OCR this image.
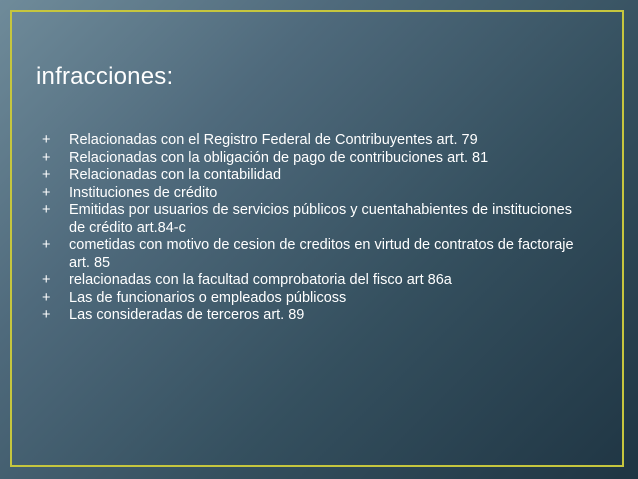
infracciones:
+	Relacionadas con el Registro Federal de Contribuyentes art. 79
+	Relacionadas con la obligación de pago de contribuciones art. 81
+	Relacionadas con la contabilidad
+	Instituciones de crédito
+	Emitidas por usuarios de servicios públicos y cuentahabientes de instituciones de crédito art.84-c
+	cometidas con motivo de cesion de creditos en virtud de contratos de factoraje art. 85
+	relacionadas con la facultad comprobatoria del fisco art 86a
+	Las de funcionarios o empleados públicoss
+	Las consideradas de terceros art. 89
